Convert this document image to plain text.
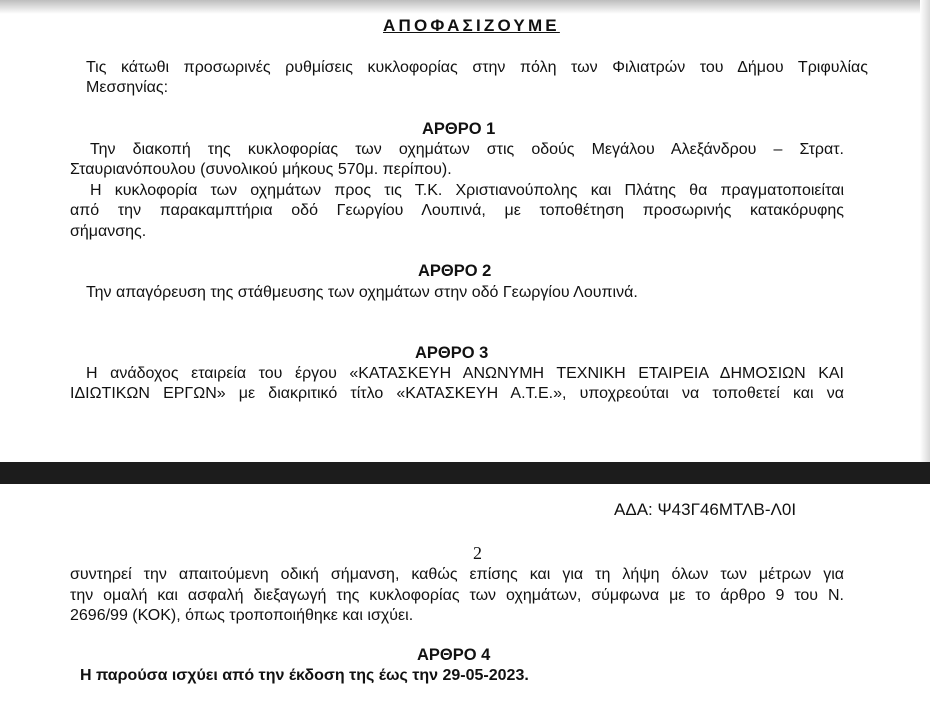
ΑΠΟΦΑΣΙΖΟΥΜΕ
Τις κάτωθι προσωρινές ρυθμίσεις κυκλοφορίας στην πόλη των Φιλιατρών του Δήμου Τριφυλίας
Μεσσηνίας:
ΑΡΘΡΟ 1
Την διακοπή της κυκλοφορίας των οχημάτων στις οδούς Μεγάλου Αλεξάνδρου – Στρατ.
Σταυριανόπουλου (συνολικού μήκους 570μ. περίπου).
Η κυκλοφορία των οχημάτων προς τις Τ.Κ. Χριστιανούπολης και Πλάτης θα πραγματοποιείται
από την παρακαμπτήρια οδό Γεωργίου Λουπινά, με τοποθέτηση προσωρινής κατακόρυφης
σήμανσης.
ΑΡΘΡΟ 2
Την απαγόρευση της στάθμευσης των οχημάτων στην οδό Γεωργίου Λουπινά.
ΑΡΘΡΟ 3
Η ανάδοχος εταιρεία του έργου «ΚΑΤΑΣΚΕΥΗ ΑΝΩΝΥΜΗ ΤΕΧΝΙΚΗ ΕΤΑΙΡΕΙΑ ΔΗΜΟΣΙΩΝ ΚΑΙ
ΙΔΙΩΤΙΚΩΝ ΕΡΓΩΝ» με διακριτικό τίτλο «ΚΑΤΑΣΚΕΥΗ Α.Τ.Ε.», υποχρεούται να τοποθετεί και να
ΑΔΑ: Ψ43Γ46ΜΤΛΒ-Λ0Ι
2
συντηρεί την απαιτούμενη οδική σήμανση, καθώς επίσης και για τη λήψη όλων των μέτρων για
την ομαλή και ασφαλή διεξαγωγή της κυκλοφορίας των οχημάτων, σύμφωνα με το άρθρο 9 του Ν.
2696/99 (ΚΟΚ), όπως τροποποιήθηκε και ισχύει.
ΑΡΘΡΟ 4
Η παρούσα ισχύει από την έκδοση της έως την 29-05-2023.
